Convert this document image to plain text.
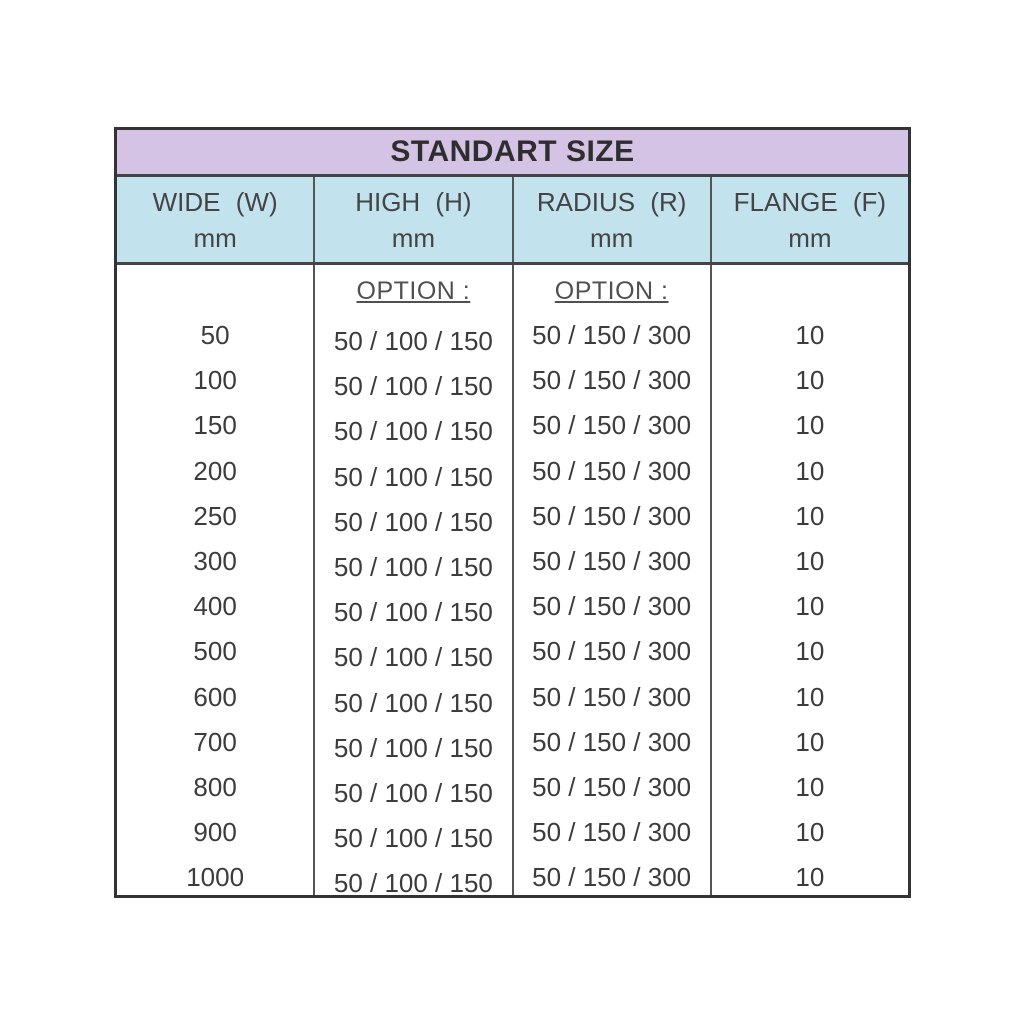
STANDART SIZE
WIDE (W)
mm
HIGH (H)
mm
RADIUS (R)
mm
FLANGE (F)
mm
50
100
150
200
250
300
400
500
600
700
800
900
1000
OPTION :
50 / 100 / 150
50 / 100 / 150
50 / 100 / 150
50 / 100 / 150
50 / 100 / 150
50 / 100 / 150
50 / 100 / 150
50 / 100 / 150
50 / 100 / 150
50 / 100 / 150
50 / 100 / 150
50 / 100 / 150
50 / 100 / 150
OPTION :
50 / 150 / 300
50 / 150 / 300
50 / 150 / 300
50 / 150 / 300
50 / 150 / 300
50 / 150 / 300
50 / 150 / 300
50 / 150 / 300
50 / 150 / 300
50 / 150 / 300
50 / 150 / 300
50 / 150 / 300
50 / 150 / 300
10
10
10
10
10
10
10
10
10
10
10
10
10
